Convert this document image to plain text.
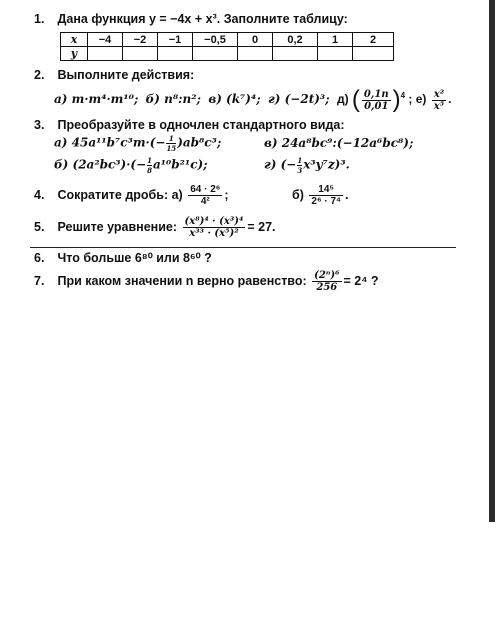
1. Дана функция y = −4x + x³. Заполните таблицу:
x	−4	−2	−1	−0,5	0	0,2	1	2
y								
2. Выполните действия:
а) m·m⁴·m¹⁰; б) n⁸:n²; в) (k⁷)⁴; г) (−2t)³; д) ( $\frac{0,1n}{0,01} )^4$ ; $е) \frac{\text{x²}}{\text{x⁵}}$ .
3. Преобразуйте в одночлен стандартного вида:
а) $45a^{11}b^7c^3m\cdot(- \frac{1}{15})ab^8c^3$;	в) 24a⁸bc⁹:(−12a⁶bc⁸);
б) $(2a^2bc^3)\cdot(- \frac{1}{8}a^{10}b^{21}c)$;	г) (− $\frac{1}{3}x^3y^7z)^3$.
4. Сократите дробь: $а) \frac{\text{64 · 2⁶}}{\text{4²}}$ ;	$б) \frac{\text{14⁵}}{\text{2⁶ · 7⁴}}$ .
5. Решите уравнение: $\frac{\text{(x⁸)⁴ · (x³)⁴}}{\text{x³³ · (x⁵)²}} = 27$.
6. Что больше 6⁸⁰ или 8⁶⁰ ?
7. При каком значении n верно равенство: $\frac{\text{(2ⁿ)⁶}}{256} = 2^4$ ?
